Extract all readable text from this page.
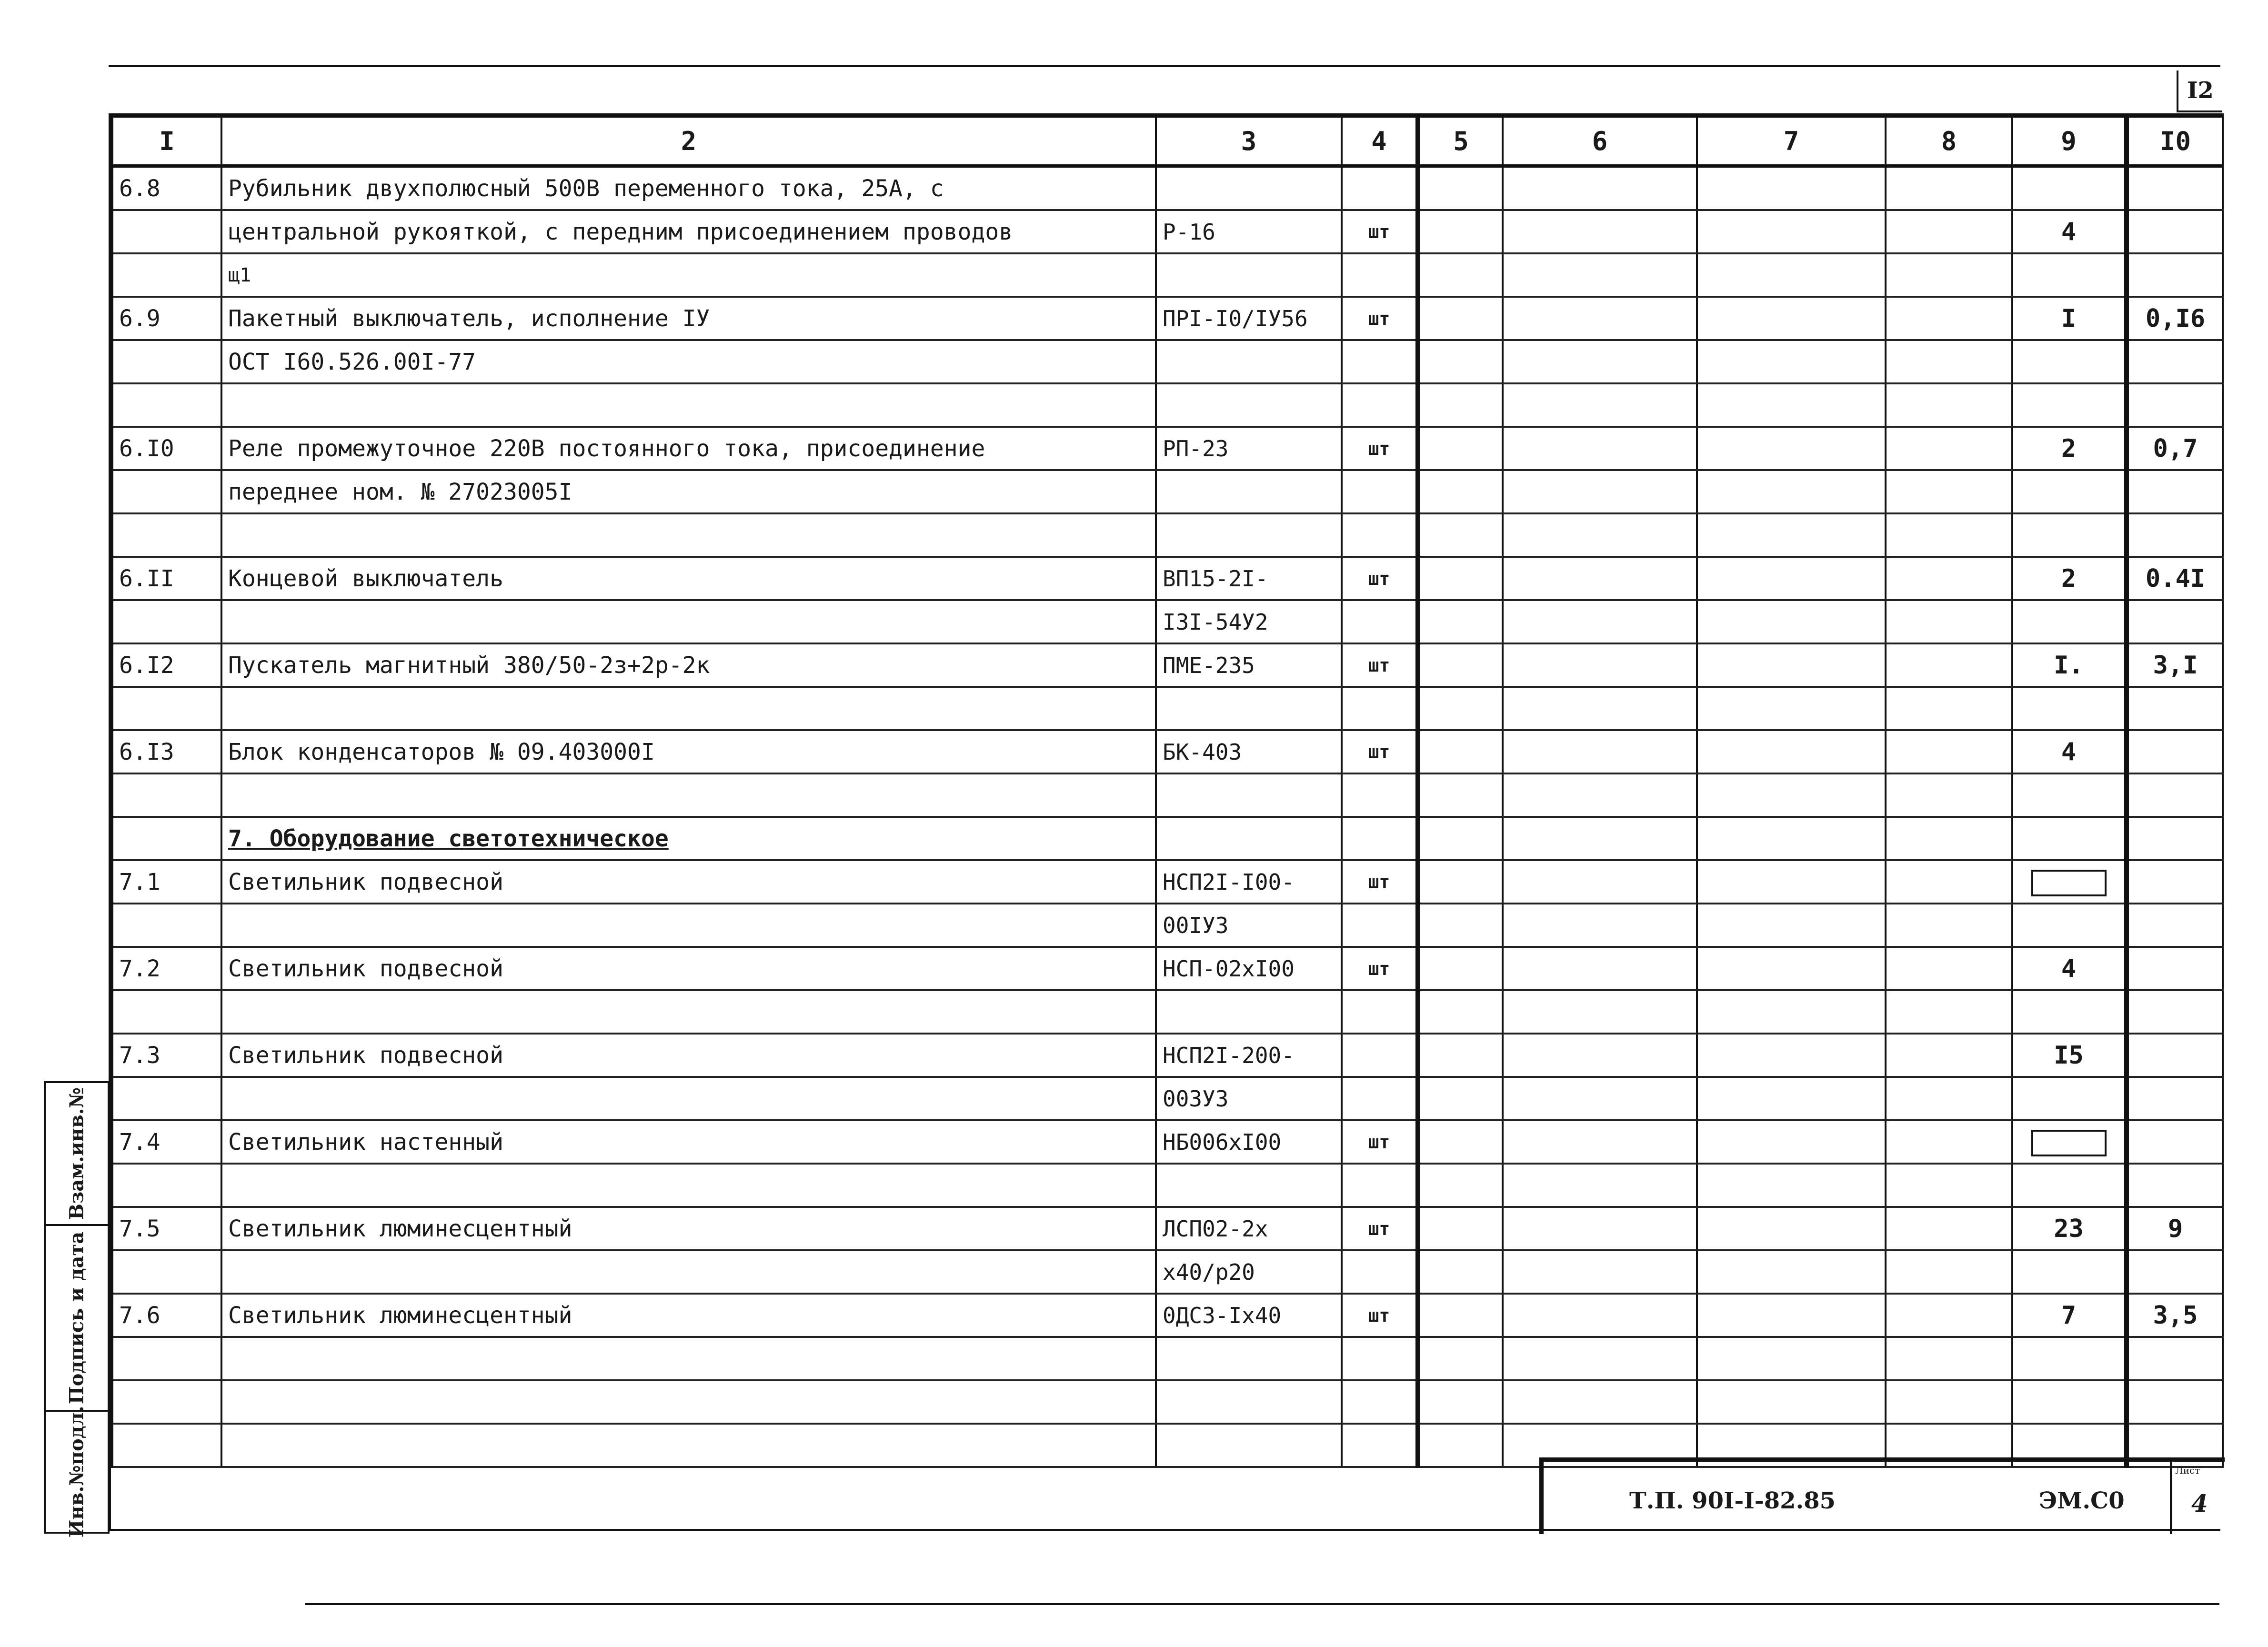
I2
I	2	3	4	5	6	7	8	9	I0
6.8	Рубильник двухполюсный 500В переменного тока, 25А, с								
	центральной рукояткой, с передним присоединением проводов	Р-16	шт					4	
	щ1								
6.9	Пакетный выключатель, исполнение IУ	ПРI-I0/IУ56	шт					I	0,I6
	ОСТ I60.526.00I-77								

6.I0	Реле промежуточное 220В постоянного тока, присоединение	РП-23	шт					2	0,7
	переднее ном. № 27023005I								

6.II	Концевой выключатель	ВП15-2I-	шт					2	0.4I
		I3I-54У2							
6.I2	Пускатель магнитный 380/50-2з+2р-2к	ПМЕ-235	шт					I.	3,I

6.I3	Блок конденсаторов № 09.403000I	БК-403	шт					4	

	7. Оборудование светотехническое								
7.1	Светильник подвесной	НСП2I-I00-	шт						
		00IУ3							
7.2	Светильник подвесной	НСП-02хI00	шт					4	

7.3	Светильник подвесной	НСП2I-200-						I5	
		003У3							
7.4	Светильник настенный	НБ006хI00	шт						

7.5	Светильник люминесцентный	ЛСП02-2х	шт					23	9
		х40/р20							
7.6	Светильник люминесцентный	0ДС3-Iх40	шт					7	3,5

Инв.№подл.
Подпись и дата
Взам.инв.№
Т.П. 90I-I-82.85	ЭМ.С0
Лист
4
